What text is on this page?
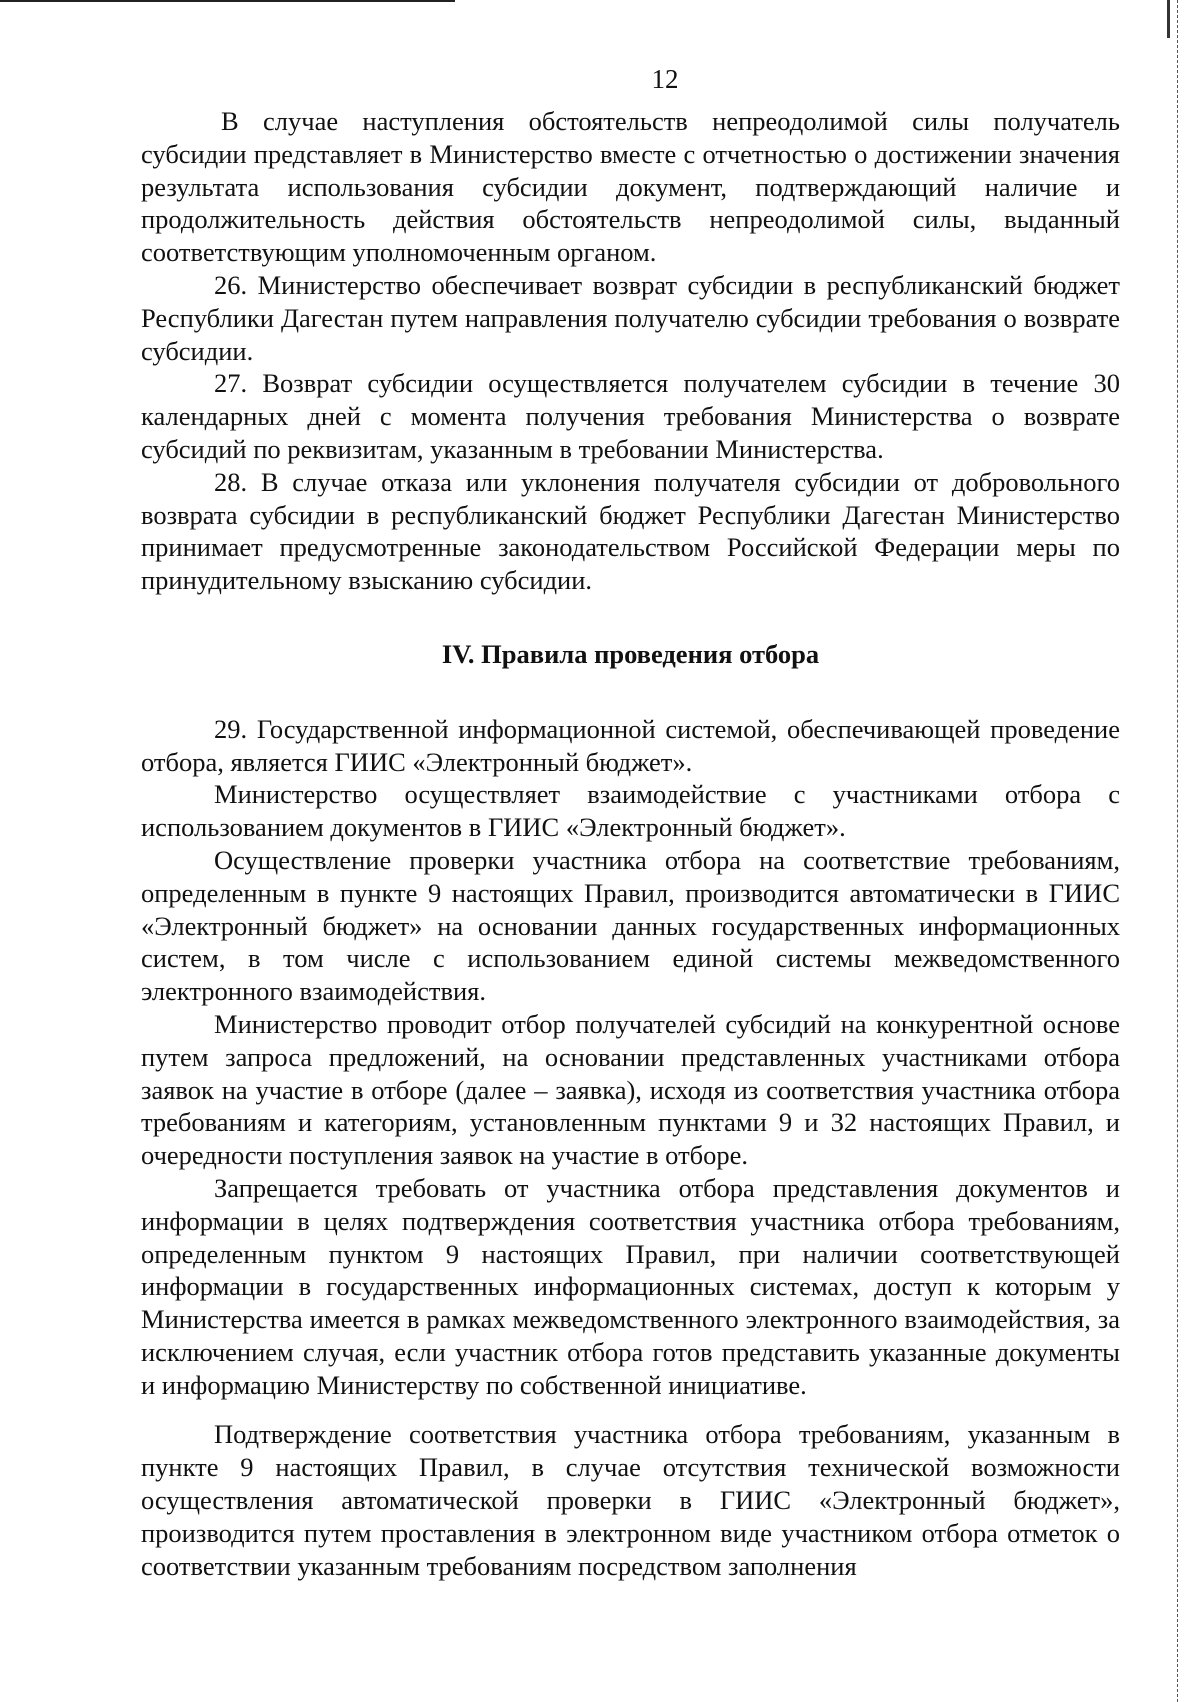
12

В случае наступления обстоятельств непреодолимой силы получатель субсидии представляет в Министерство вместе с отчетностью о достижении значения результата использования субсидии документ, подтверждающий наличие и продолжительность действия обстоятельств непреодолимой силы, выданный соответствующим уполномоченным органом.

26. Министерство обеспечивает возврат субсидии в республиканский бюджет Республики Дагестан путем направления получателю субсидии требования о возврате субсидии.

27. Возврат субсидии осуществляется получателем субсидии в течение 30 календарных дней с момента получения требования Министерства о возврате субсидий по реквизитам, указанным в требовании Министерства.

28. В случае отказа или уклонения получателя субсидии от добровольного возврата субсидии в республиканский бюджет Республики Дагестан Министерство принимает предусмотренные законодательством Российской Федерации меры по принудительному взысканию субсидии.

IV. Правила проведения отбора

29. Государственной информационной системой, обеспечивающей проведение отбора, является ГИИС «Электронный бюджет».

Министерство осуществляет взаимодействие с участниками отбора с использованием документов в ГИИС «Электронный бюджет».

Осуществление проверки участника отбора на соответствие требованиям, определенным в пункте 9 настоящих Правил, производится автоматически в ГИИС «Электронный бюджет» на основании данных государственных информационных систем, в том числе с использованием единой системы межведомственного электронного взаимодействия.

Министерство проводит отбор получателей субсидий на конкурентной основе путем запроса предложений, на основании представленных участниками отбора заявок на участие в отборе (далее – заявка), исходя из соответствия участника отбора требованиям и категориям, установленным пунктами 9 и 32 настоящих Правил, и очередности поступления заявок на участие в отборе.

Запрещается требовать от участника отбора представления документов и информации в целях подтверждения соответствия участника отбора требованиям, определенным пунктом 9 настоящих Правил, при наличии соответствующей информации в государственных информационных системах, доступ к которым у Министерства имеется в рамках межведомственного электронного взаимодействия, за исключением случая, если участник отбора готов представить указанные документы и информацию Министерству по собственной инициативе.

Подтверждение соответствия участника отбора требованиям, указанным в пункте 9 настоящих Правил, в случае отсутствия технической возможности осуществления автоматической проверки в ГИИС «Электронный бюджет», производится путем проставления в электронном виде участником отбора отметок о соответствии указанным требованиям посредством заполнения
